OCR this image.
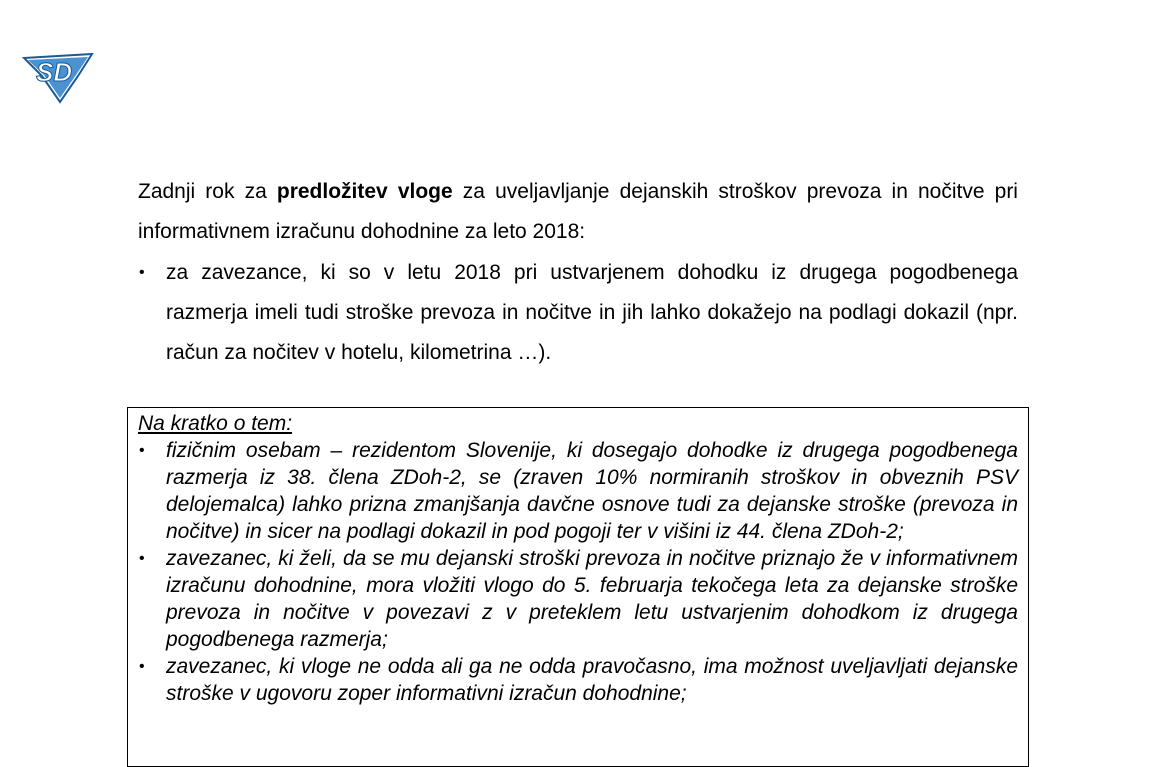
SD

Zadnji rok za predložitev vloge za uveljavljanje dejanskih stroškov prevoza in nočitve pri informativnem izračunu dohodnine za leto 2018:

•	za zavezance, ki so v letu 2018 pri ustvarjenem dohodku iz drugega pogodbenega razmerja imeli tudi stroške prevoza in nočitve in jih lahko dokažejo na podlagi dokazil (npr. račun za nočitev v hotelu, kilometrina …).

Na kratko o tem:

•	fizičnim osebam – rezidentom Slovenije, ki dosegajo dohodke iz drugega pogodbenega razmerja iz 38. člena ZDoh-2, se (zraven 10% normiranih stroškov in obveznih PSV delojemalca) lahko prizna zmanjšanja davčne osnove tudi za dejanske stroške (prevoza in nočitve) in sicer na podlagi dokazil in pod pogoji ter v višini iz 44. člena ZDoh-2;
•	zavezanec, ki želi, da se mu dejanski stroški prevoza in nočitve priznajo že v informativnem izračunu dohodnine, mora vložiti vlogo do 5. februarja tekočega leta za dejanske stroške prevoza in nočitve v povezavi z v preteklem letu ustvarjenim dohodkom iz drugega pogodbenega razmerja;
•	zavezanec, ki vloge ne odda ali ga ne odda pravočasno, ima možnost uveljavljati dejanske stroške v ugovoru zoper informativni izračun dohodnine;
